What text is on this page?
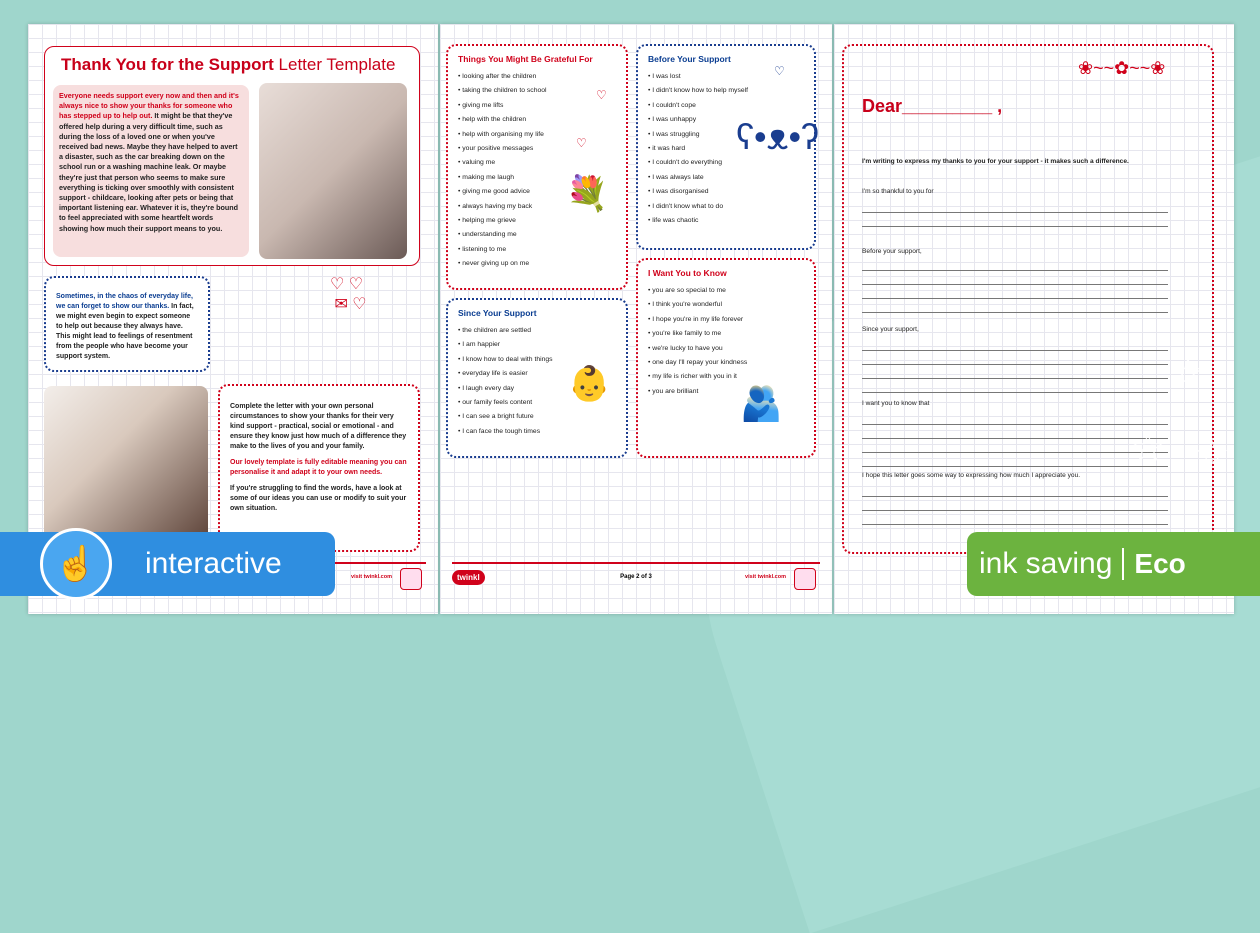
Thank You for the Support Letter Template
Everyone needs support every now and then and it's always nice to show your thanks for someone who has stepped up to help out. It might be that they've offered help during a very difficult time, such as during the loss of a loved one or when you've received bad news. Maybe they have helped to avert a disaster, such as the car breaking down on the school run or a washing machine leak. Or maybe they're just that person who seems to make sure everything is ticking over smoothly with consistent support - childcare, looking after pets or being that important listening ear. Whatever it is, they're bound to feel appreciated with some heartfelt words showing how much their support means to you.
Sometimes, in the chaos of everyday life, we can forget to show our thanks. In fact, we might even begin to expect someone to help out because they always have. This might lead to feelings of resentment from the people who have become your support system.
♡ ♡
✉ ♡

Complete the letter with your own personal circumstances to show your thanks for their very kind support - practical, social or emotional - and ensure they know just how much of a difference they make to the lives of you and your family.

Our lovely template is fully editable meaning you can personalise it and adapt it to your own needs.

If you're struggling to find the words, have a look at some of our ideas you can use or modify to suit your own situation.

visit twinkl.com
Things You Might Be Grateful For
• looking after the children
• taking the children to school
• giving me lifts
• help with the children
• help with organising my life
• your positive messages
• valuing me
• making me laugh
• giving me good advice
• always having my back
• helping me grieve
• understanding me
• listening to me
• never giving up on me
♡
♡
💐
Before Your Support
• I was lost
• I didn't know how to help myself
• I couldn't cope
• I was unhappy
• I was struggling
• it was hard
• I couldn't do everything
• I was always late
• I was disorganised
• I didn't know what to do
• life was chaotic
♡
ʕ•ᴥ•ʔ
Since Your Support
• the children are settled
• I am happier
• I know how to deal with things
• everyday life is easier
• I laugh every day
• our family feels content
• I can see a bright future
• I can face the tough times
👶
I Want You to Know
• you are so special to me
• I think you're wonderful
• I hope you're in my life forever
• you're like family to me
• we're lucky to have you
• one day I'll repay your kindness
• my life is richer with you in it
• you are brilliant	🫂
twinkl	Page 2 of 3	visit twinkl.com
❀~~✿~~❀
Dear_________ ,
I'm writing to express my thanks to you for your support - it makes such a difference.
I'm so thankful to you for
Before your support,
Since your support,
I want you to know that
I hope this letter goes some way to expressing how much I appreciate you.
☆
☆ ☆
☝	interactive	ink saving Eco
